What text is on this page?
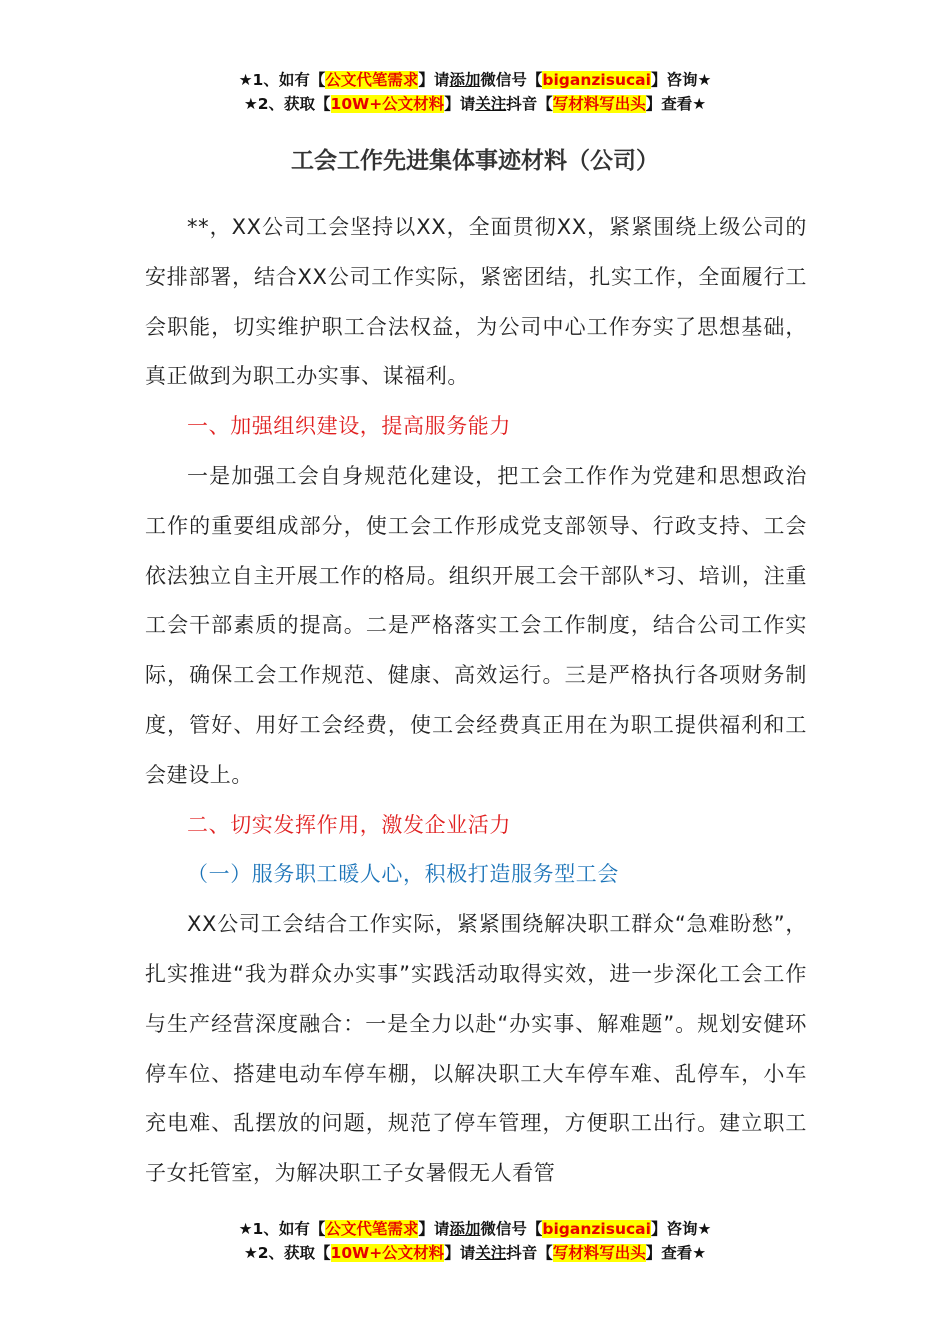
★1、如有【公文代笔需求】请添加微信号【biganzisucai】咨询★
★2、获取【10W+公文材料】请关注抖音【写材料写出头】查看★
工会工作先进集体事迹材料（公司）

**，XX公司工会坚持以XX，全面贯彻XX，紧紧围绕上级公司的安排部署，结合XX公司工作实际，紧密团结，扎实工作，全面履行工会职能，切实维护职工合法权益，为公司中心工作夯实了思想基础，真正做到为职工办实事、谋福利。

一、加强组织建设，提高服务能力

一是加强工会自身规范化建设，把工会工作作为党建和思想政治工作的重要组成部分，使工会工作形成党支部领导、行政支持、工会依法独立自主开展工作的格局。组织开展工会干部队*习、培训，注重工会干部素质的提高。二是严格落实工会工作制度，结合公司工作实际，确保工会工作规范、健康、高效运行。三是严格执行各项财务制度，管好、用好工会经费，使工会经费真正用在为职工提供福利和工会建设上。

二、切实发挥作用，激发企业活力

（一）服务职工暖人心，积极打造服务型工会

XX公司工会结合工作实际，紧紧围绕解决职工群众“急难盼愁”，扎实推进“我为群众办实事”实践活动取得实效，进一步深化工会工作与生产经营深度融合：一是全力以赴“办实事、解难题”。规划安健环停车位、搭建电动车停车棚，以解决职工大车停车难、乱停车，小车充电难、乱摆放的问题，规范了停车管理，方便职工出行。建立职工子女托管室，为解决职工子女暑假无人看管

★1、如有【公文代笔需求】请添加微信号【biganzisucai】咨询★
★2、获取【10W+公文材料】请关注抖音【写材料写出头】查看★
